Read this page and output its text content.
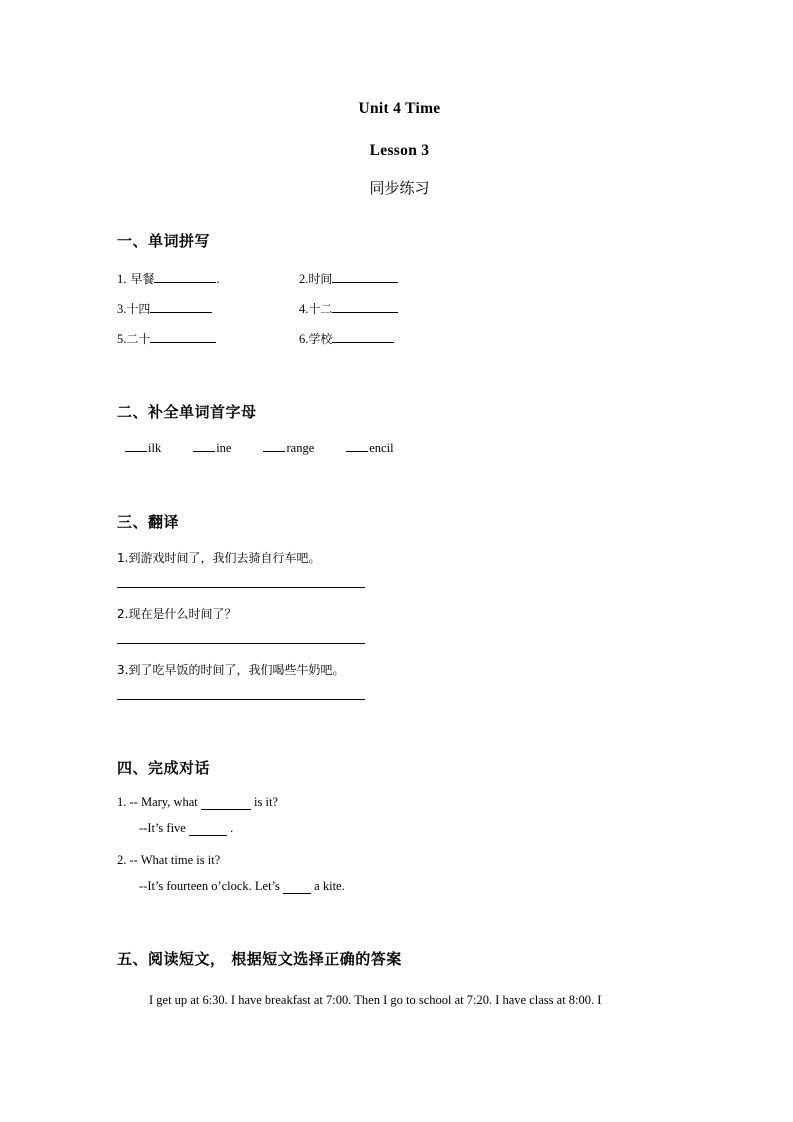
Unit 4 Time
Lesson 3
同步练习
一、单词拼写
1. 早餐	.	2. 时间
3. 十四	4. 十二
5. 二十	6. 学校
二、补全单词首字母
ilk	ine	range	encil
三、翻译
1.到游戏时间了，我们去骑自行车吧。
2.现在是什么时间了？
3.到了吃早饭的时间了，我们喝些牛奶吧。
四、完成对话
1. -- Mary, what	is it?
--It’s five	.
2. -- What time is it?
--It’s fourteen o’clock. Let’s	a kite.
五、阅读短文， 根据短文选择正确的答案
I get up at 6:30. I have breakfast at 7:00. Then I go to school at 7:20. I have class at 8:00. I
